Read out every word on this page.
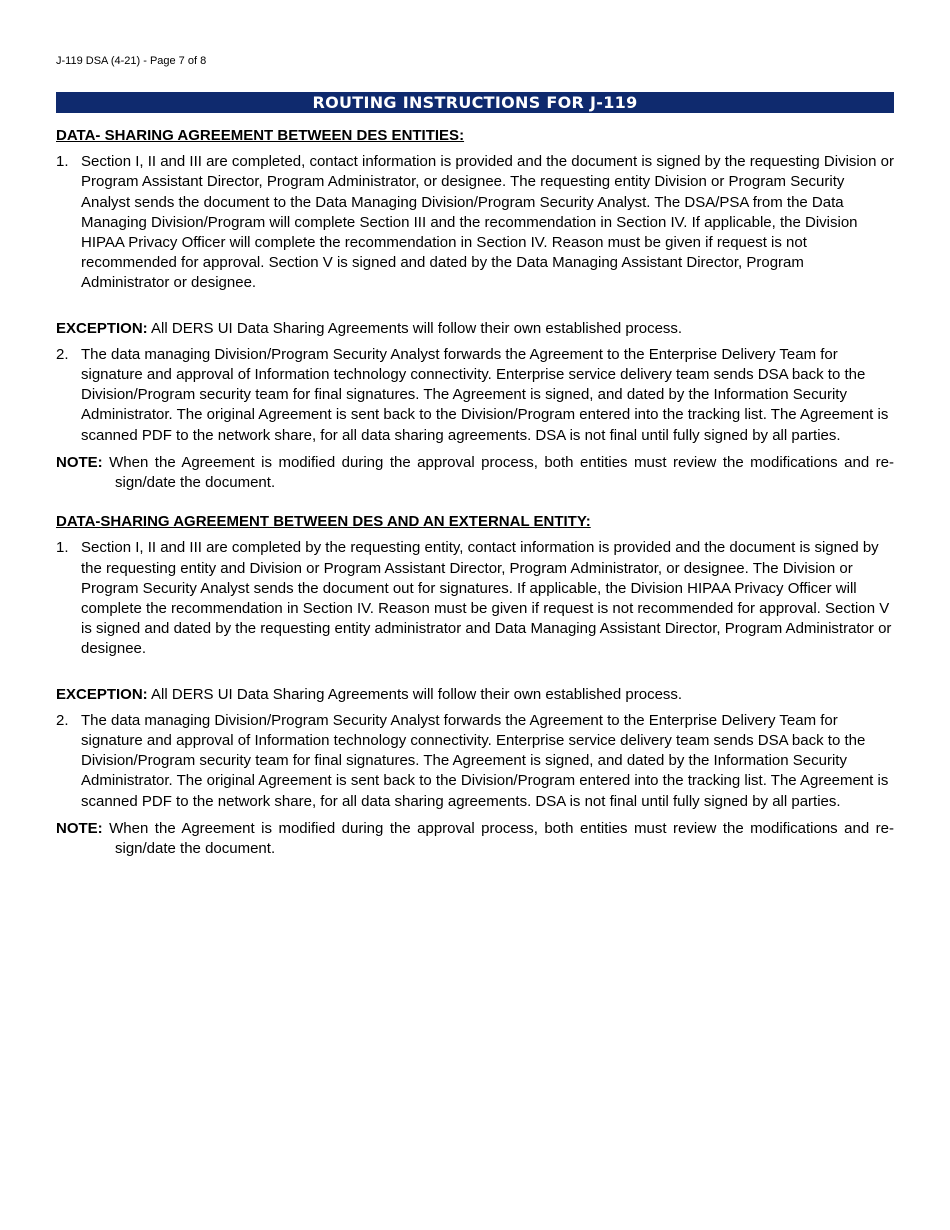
J-119 DSA (4-21) - Page 7 of 8
ROUTING INSTRUCTIONS FOR J-119
DATA- SHARING AGREEMENT BETWEEN DES ENTITIES:
1. Section I, II and III are completed, contact information is provided and the document is signed by the requesting Division or Program Assistant Director, Program Administrator, or designee. The requesting entity Division or Program Security Analyst sends the document to the Data Managing Division/Program Security Analyst. The DSA/PSA from the Data Managing Division/Program will complete Section III and the recommendation in Section IV. If applicable, the Division HIPAA Privacy Officer will complete the recommendation in Section IV. Reason must be given if request is not recommended for approval. Section V is signed and dated by the Data Managing Assistant Director, Program Administrator or designee.
EXCEPTION: All DERS UI Data Sharing Agreements will follow their own established process.
2. The data managing Division/Program Security Analyst forwards the Agreement to the Enterprise Delivery Team for signature and approval of Information technology connectivity. Enterprise service delivery team sends DSA back to the Division/Program security team for final signatures. The Agreement is signed, and dated by the Information Security Administrator. The original Agreement is sent back to the Division/Program entered into the tracking list. The Agreement is scanned PDF to the network share, for all data sharing agreements. DSA is not final until fully signed by all parties.
NOTE: When the Agreement is modified during the approval process, both entities must review the modifications and re-sign/date the document.
DATA-SHARING AGREEMENT BETWEEN DES AND AN EXTERNAL ENTITY:
1. Section I, II and III are completed by the requesting entity, contact information is provided and the document is signed by the requesting entity and Division or Program Assistant Director, Program Administrator, or designee. The Division or Program Security Analyst sends the document out for signatures. If applicable, the Division HIPAA Privacy Officer will complete the recommendation in Section IV. Reason must be given if request is not recommended for approval. Section V is signed and dated by the requesting entity administrator and Data Managing Assistant Director, Program Administrator or designee.
EXCEPTION: All DERS UI Data Sharing Agreements will follow their own established process.
2. The data managing Division/Program Security Analyst forwards the Agreement to the Enterprise Delivery Team for signature and approval of Information technology connectivity. Enterprise service delivery team sends DSA back to the Division/Program security team for final signatures. The Agreement is signed, and dated by the Information Security Administrator. The original Agreement is sent back to the Division/Program entered into the tracking list. The Agreement is scanned PDF to the network share, for all data sharing agreements. DSA is not final until fully signed by all parties.
NOTE: When the Agreement is modified during the approval process, both entities must review the modifications and re-sign/date the document.
